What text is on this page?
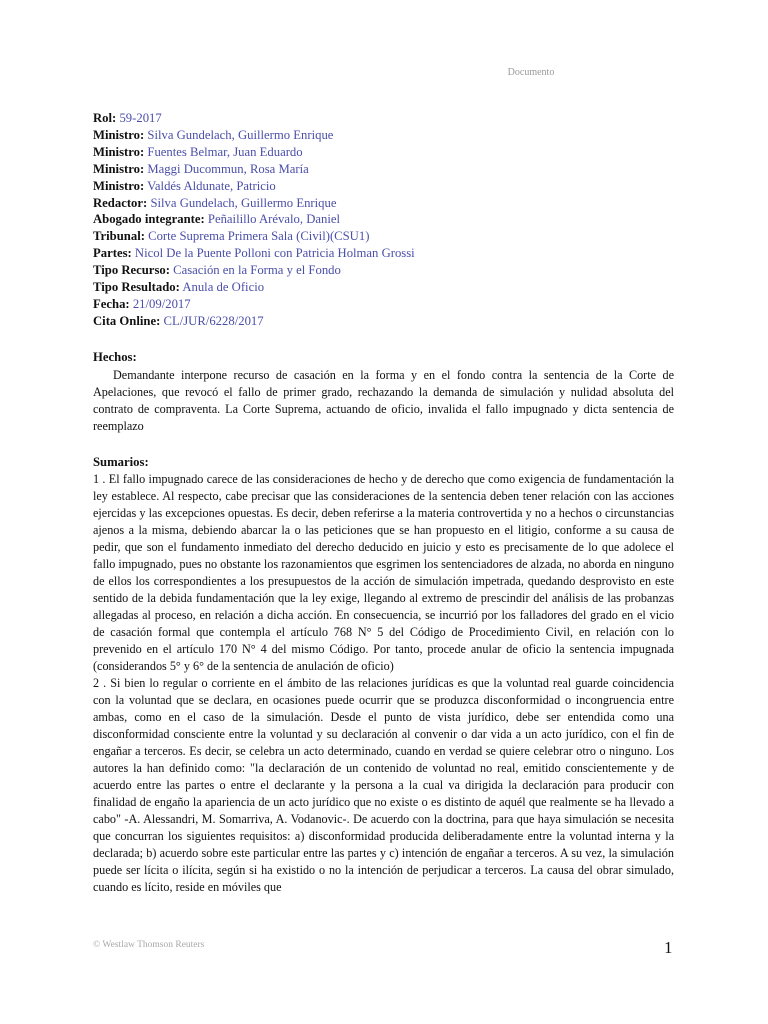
Documento
Rol: 59-2017
Ministro: Silva Gundelach, Guillermo Enrique
Ministro: Fuentes Belmar, Juan Eduardo
Ministro: Maggi Ducommun, Rosa María
Ministro: Valdés Aldunate, Patricio
Redactor: Silva Gundelach, Guillermo Enrique
Abogado integrante: Peñailillo Arévalo, Daniel
Tribunal: Corte Suprema Primera Sala (Civil)(CSU1)
Partes: Nicol De la Puente Polloni con Patricia Holman Grossi
Tipo Recurso: Casación en la Forma y el Fondo
Tipo Resultado: Anula de Oficio
Fecha: 21/09/2017
Cita Online: CL/JUR/6228/2017
Hechos:
Demandante interpone recurso de casación en la forma y en el fondo contra la sentencia de la Corte de Apelaciones, que revocó el fallo de primer grado, rechazando la demanda de simulación y nulidad absoluta del contrato de compraventa. La Corte Suprema, actuando de oficio, invalida el fallo impugnado y dicta sentencia de reemplazo
Sumarios:
1 . El fallo impugnado carece de las consideraciones de hecho y de derecho que como exigencia de fundamentación la ley establece. Al respecto, cabe precisar que las consideraciones de la sentencia deben tener relación con las acciones ejercidas y las excepciones opuestas. Es decir, deben referirse a la materia controvertida y no a hechos o circunstancias ajenos a la misma, debiendo abarcar la o las peticiones que se han propuesto en el litigio, conforme a su causa de pedir, que son el fundamento inmediato del derecho deducido en juicio y esto es precisamente de lo que adolece el fallo impugnado, pues no obstante los razonamientos que esgrimen los sentenciadores de alzada, no aborda en ninguno de ellos los correspondientes a los presupuestos de la acción de simulación impetrada, quedando desprovisto en este sentido de la debida fundamentación que la ley exige, llegando al extremo de prescindir del análisis de las probanzas allegadas al proceso, en relación a dicha acción. En consecuencia, se incurrió por los falladores del grado en el vicio de casación formal que contempla el artículo 768 N° 5 del Código de Procedimiento Civil, en relación con lo prevenido en el artículo 170 N° 4 del mismo Código. Por tanto, procede anular de oficio la sentencia impugnada (considerandos 5° y 6° de la sentencia de anulación de oficio)
2 . Si bien lo regular o corriente en el ámbito de las relaciones jurídicas es que la voluntad real guarde coincidencia con la voluntad que se declara, en ocasiones puede ocurrir que se produzca disconformidad o incongruencia entre ambas, como en el caso de la simulación. Desde el punto de vista jurídico, debe ser entendida como una disconformidad consciente entre la voluntad y su declaración al convenir o dar vida a un acto jurídico, con el fin de engañar a terceros. Es decir, se celebra un acto determinado, cuando en verdad se quiere celebrar otro o ninguno. Los autores la han definido como: "la declaración de un contenido de voluntad no real, emitido conscientemente y de acuerdo entre las partes o entre el declarante y la persona a la cual va dirigida la declaración para producir con finalidad de engaño la apariencia de un acto jurídico que no existe o es distinto de aquél que realmente se ha llevado a cabo" -A. Alessandri, M. Somarriva, A. Vodanovic-. De acuerdo con la doctrina, para que haya simulación se necesita que concurran los siguientes requisitos: a) disconformidad producida deliberadamente entre la voluntad interna y la declarada; b) acuerdo sobre este particular entre las partes y c) intención de engañar a terceros. A su vez, la simulación puede ser lícita o ilícita, según si ha existido o no la intención de perjudicar a terceros. La causa del obrar simulado, cuando es lícito, reside en móviles que
© Westlaw Thomson Reuters	1
